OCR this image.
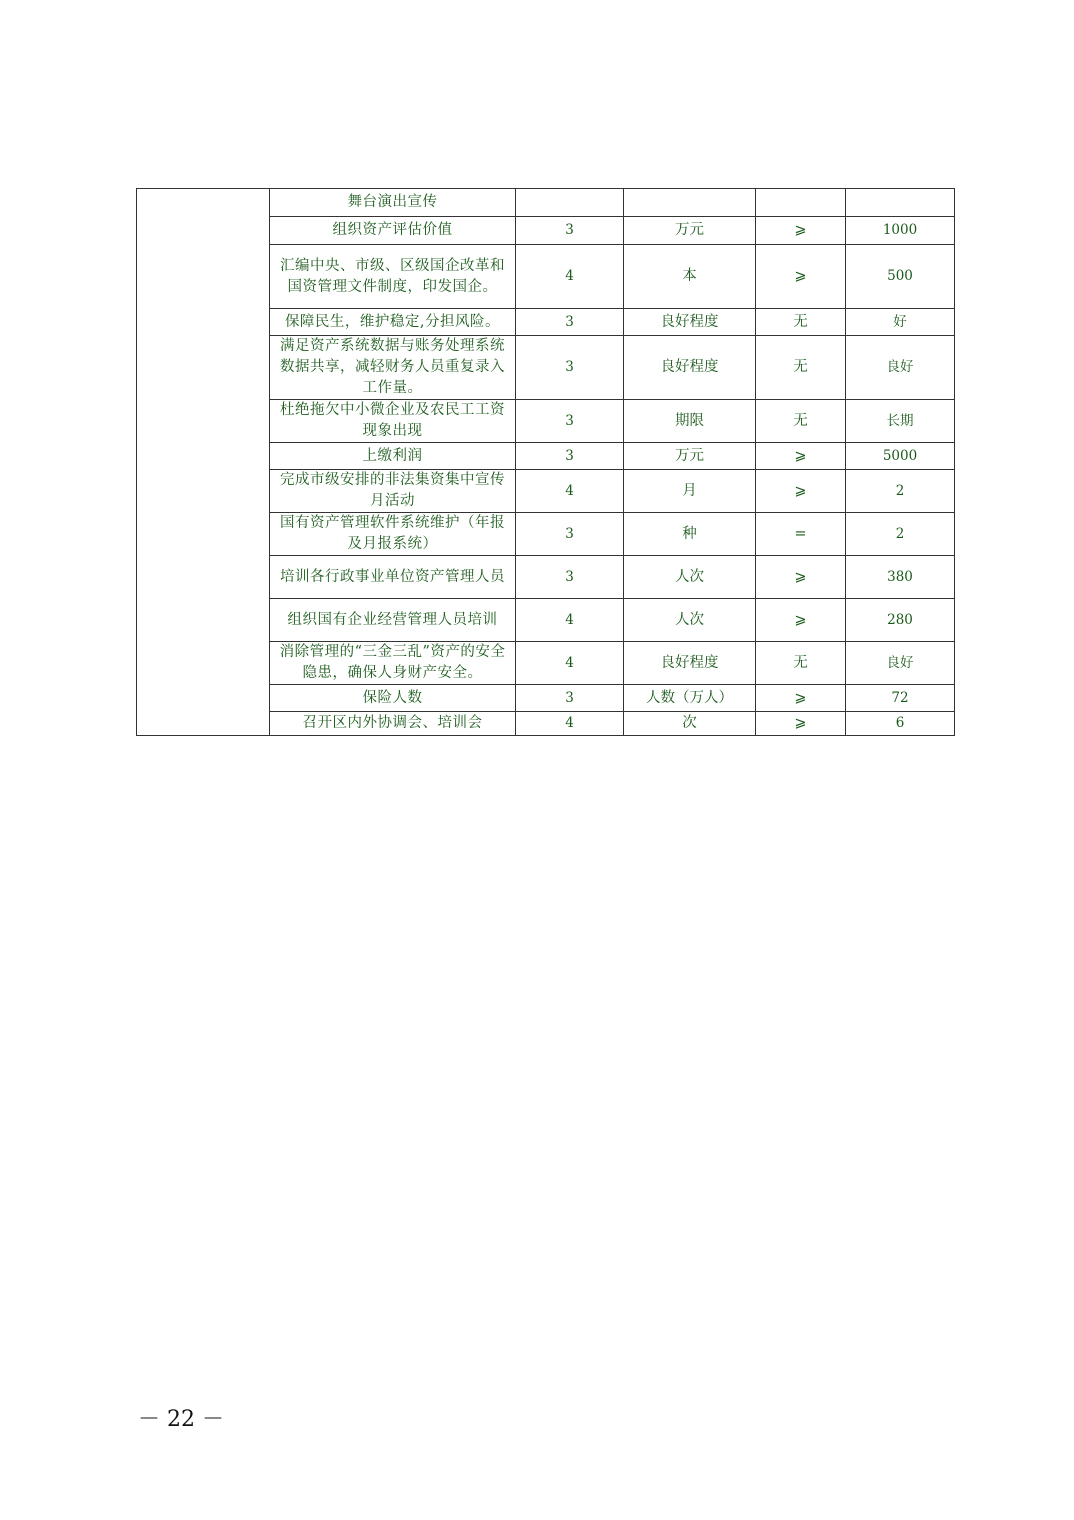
	舞台演出宣传				
	组织资产评估价值	3	万元	⩾	1000
	汇编中央、市级、区级国企改革和国资管理文件制度，印发国企。	4	本	⩾	500
	保障民生，维护稳定,分担风险。	3	良好程度	无	好
	满足资产系统数据与账务处理系统数据共享，减轻财务人员重复录入工作量。	3	良好程度	无	良好
	杜绝拖欠中小微企业及农民工工资现象出现	3	期限	无	长期
	上缴利润	3	万元	⩾	5000
	完成市级安排的非法集资集中宣传月活动	4	月	⩾	2
	国有资产管理软件系统维护（年报及月报系统）	3	种	=	2
	培训各行政事业单位资产管理人员	3	人次	⩾	380
	组织国有企业经营管理人员培训	4	人次	⩾	280
	消除管理的“三金三乱”资产的安全隐患，确保人身财产安全。	4	良好程度	无	良好
	保险人数	3	人数（万人）	⩾	72
	召开区内外协调会、培训会	4	次	⩾	6
－ 22 －
